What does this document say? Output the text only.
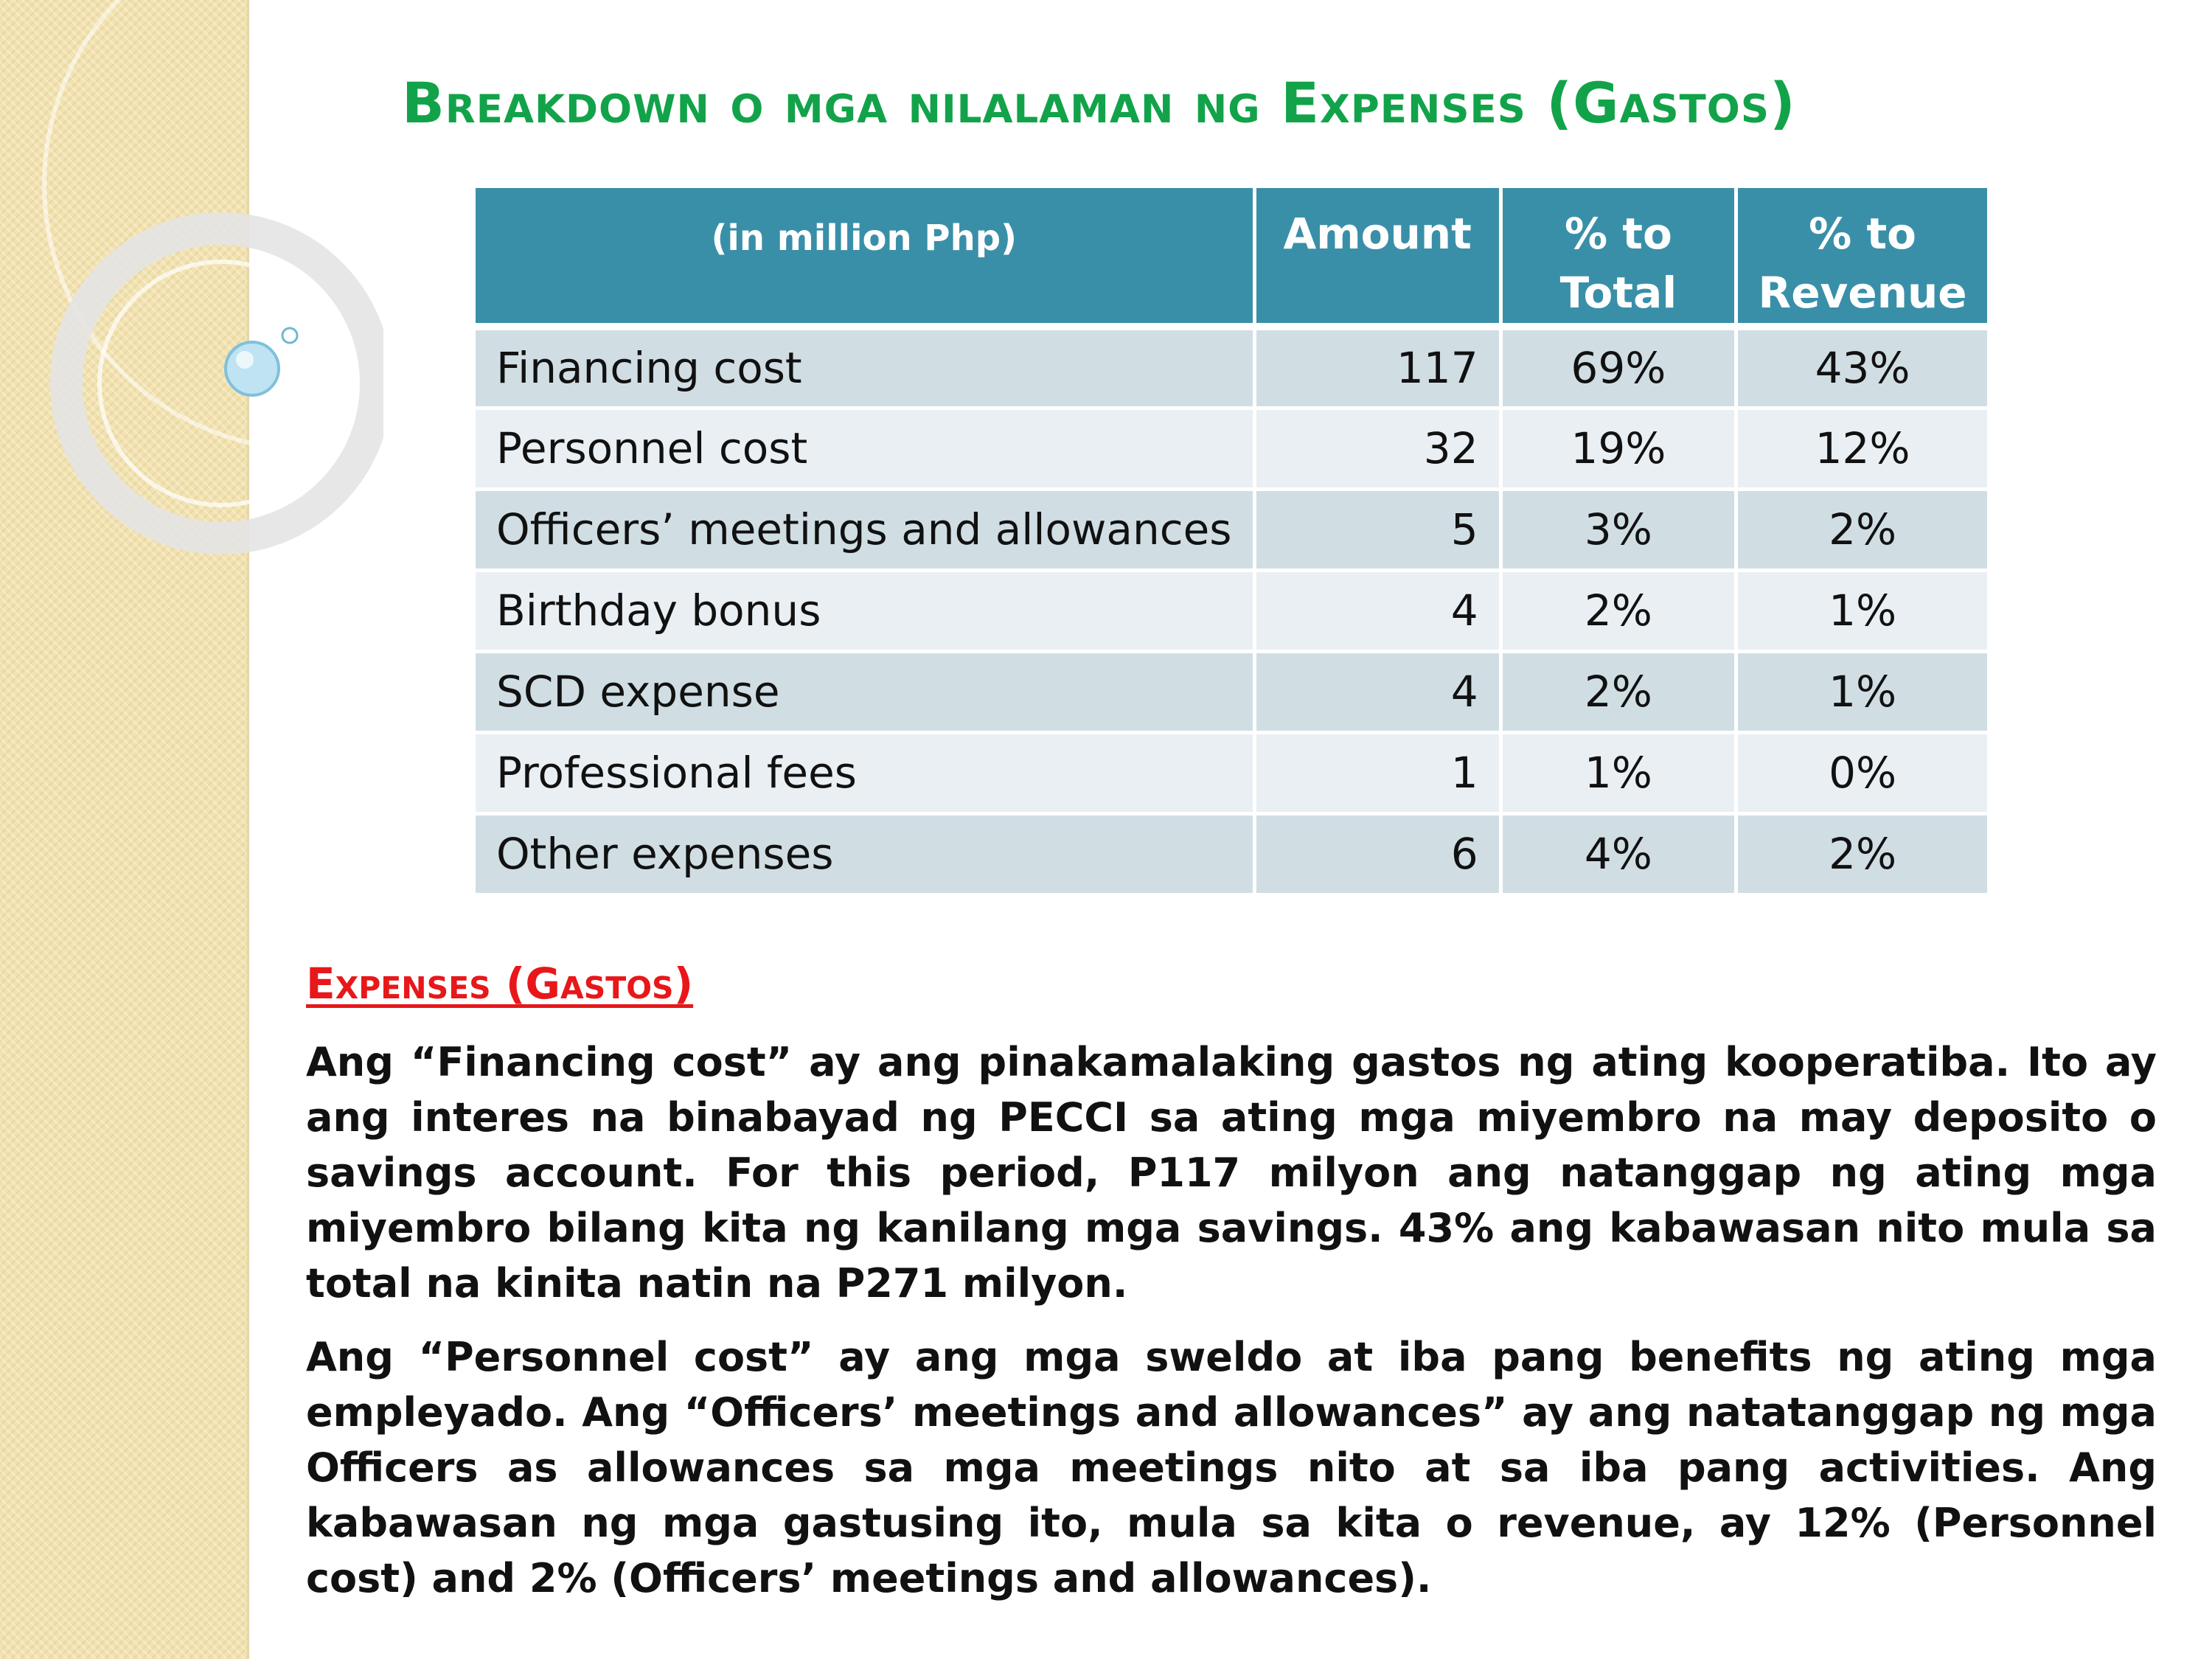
Breakdown o mga nilalaman ng Expenses (Gastos)
(in million Php)	Amount	% to Total	% to Revenue
Financing cost	117	69%	43%
Personnel cost	32	19%	12%
Officers’ meetings and allowances	5	3%	2%
Birthday bonus	4	2%	1%
SCD expense	4	2%	1%
Professional fees	1	1%	0%
Other expenses	6	4%	2%
Expenses (Gastos)

Ang “Financing cost” ay ang pinakamalaking gastos ng ating kooperatiba. Ito ay ang interes na binabayad ng PECCI sa ating mga miyembro na may deposito o savings account. For this period, P117 milyon ang natanggap ng ating mga miyembro bilang kita ng kanilang mga savings. 43% ang kabawasan nito mula sa total na kinita natin na P271 milyon.

Ang “Personnel cost” ay ang mga sweldo at iba pang benefits ng ating mga empleyado. Ang “Officers’ meetings and allowances” ay ang natatanggap ng mga Officers as allowances sa mga meetings nito at sa iba pang activities. Ang kabawasan ng mga gastusing ito, mula sa kita o revenue, ay 12% (Personnel cost) and 2% (Officers’ meetings and allowances).
